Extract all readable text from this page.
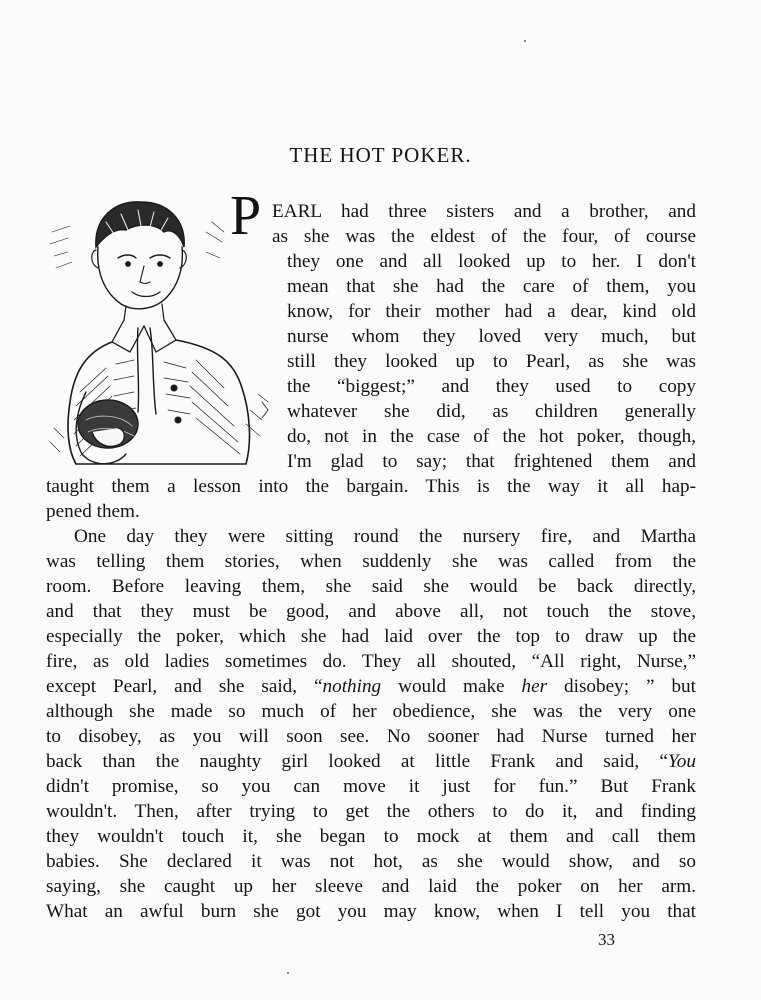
THE HOT POKER.
P EARL had three sisters and a brother, and
as she was the eldest of the four, of course
they one and all looked up to her. I don't
mean that she had the care of them, you
know, for their mother had a dear, kind old
nurse whom they loved very much, but
still they looked up to Pearl, as she was
the “biggest;” and they used to copy
whatever she did, as children generally
do, not in the case of the hot poker, though,
I'm glad to say; that frightened them and
taught them a lesson into the bargain. This is the way it all hap-
pened them.
One day they were sitting round the nursery fire, and Martha
was telling them stories, when suddenly she was called from the
room. Before leaving them, she said she would be back directly,
and that they must be good, and above all, not touch the stove,
especially the poker, which she had laid over the top to draw up the
fire, as old ladies sometimes do. They all shouted, “All right, Nurse,”
except Pearl, and she said, “nothing would make her disobey; ” but
although she made so much of her obedience, she was the very one
to disobey, as you will soon see. No sooner had Nurse turned her
back than the naughty girl looked at little Frank and said, “You
didn't promise, so you can move it just for fun.” But Frank
wouldn't. Then, after trying to get the others to do it, and finding
they wouldn't touch it, she began to mock at them and call them
babies. She declared it was not hot, as she would show, and so
saying, she caught up her sleeve and laid the poker on her arm.
What an awful burn she got you may know, when I tell you that
33
